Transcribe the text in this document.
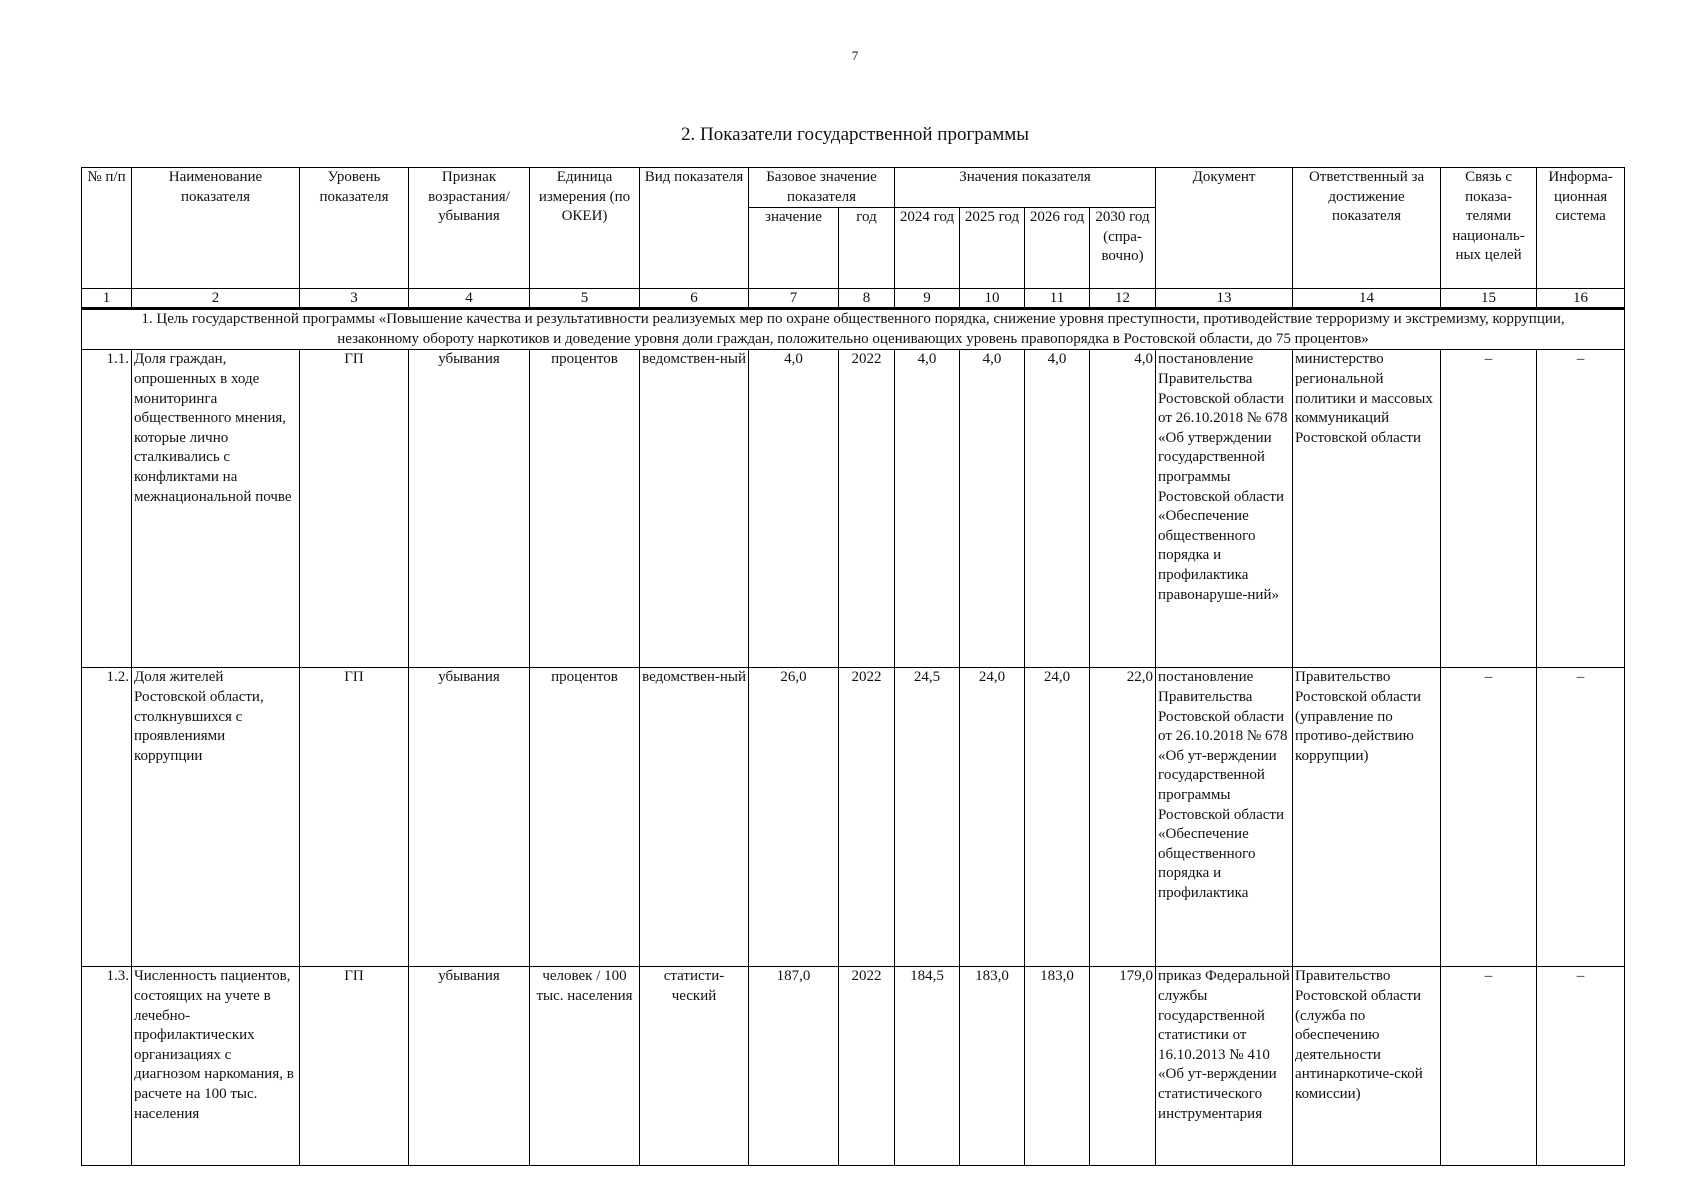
7
2. Показатели государственной программы
№ п/п	Наименование показателя	Уровень показателя	Признак возрастания/ убывания	Единица измерения (по ОКЕИ)	Вид показателя	Базовое значение показателя		Значения показателя				Документ	Ответственный за достижение показателя	Связь с показа-телями националь-ных целей	Информа-ционная система
						значение	год	2024 год	2025 год	2026 год	2030 год (спра-вочно)				
1	2	3	4	5	6	7	8	9	10	11	12	13	14	15	16
1. Цель государственной программы «Повышение качества и результативности реализуемых мер по охране общественного порядка, снижение уровня преступности, противодействие терроризму и экстремизму, коррупции, незаконному обороту наркотиков и доведение уровня доли граждан, положительно оценивающих уровень правопорядка в Ростовской области, до 75 процентов»															
1.1.	Доля граждан, опрошенных в ходе мониторинга общественного мнения, которые лично сталкивались с конфликтами на межнациональной почве	ГП	убывания	процентов	ведомствен-ный	4,0	2022	4,0	4,0	4,0	4,0	постановление Правительства Ростовской области от 26.10.2018 № 678 «Об утверждении государственной программы Ростовской области «Обеспечение общественного порядка и профилактика правонаруше-ний»	министерство региональной политики и массовых коммуникаций Ростовской области	–	–
1.2.	Доля жителей Ростовской области, столкнувшихся с проявлениями коррупции	ГП	убывания	процентов	ведомствен-ный	26,0	2022	24,5	24,0	24,0	22,0	постановление Правительства Ростовской области от 26.10.2018 № 678 «Об ут-верждении государственной программы Ростовской области «Обеспечение общественного порядка и профилактика	Правительство Ростовской области (управление по противо-действию коррупции)	–	–
1.3.	Численность пациентов, состоящих на учете в лечебно-профилактических организациях с диагнозом наркомания, в расчете на 100 тыс. населения	ГП	убывания	человек / 100 тыс. населения	статисти-ческий	187,0	2022	184,5	183,0	183,0	179,0	приказ Федеральной службы государственной статистики от 16.10.2013 № 410 «Об ут-верждении статистического инструментария	Правительство Ростовской области (служба по обеспечению деятельности антинаркотиче-ской комиссии)	–	–
